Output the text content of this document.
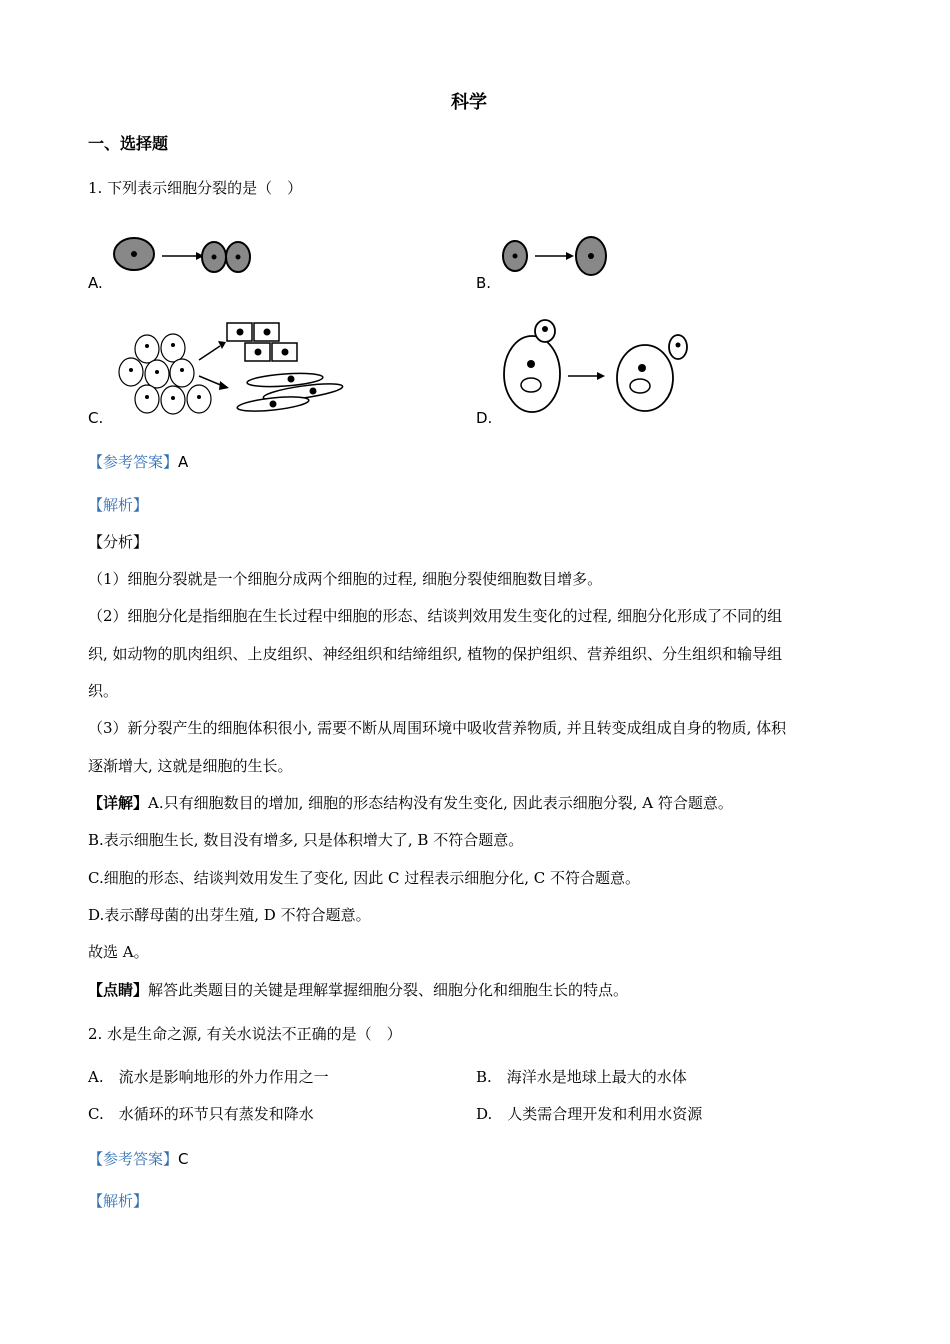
科学
一、选择题
1. 下列表示细胞分裂的是（　）
A.	B.
C.	D.
【参考答案】A
【解析】
【分析】
（1）细胞分裂就是一个细胞分成两个细胞的过程, 细胞分裂使细胞数目增多。
（2）细胞分化是指细胞在生长过程中细胞的形态、结谈判效用发生变化的过程, 细胞分化形成了不同的组
织, 如动物的肌肉组织、上皮组织、神经组织和结缔组织, 植物的保护组织、营养组织、分生组织和输导组
织。
（3）新分裂产生的细胞体积很小, 需要不断从周围环境中吸收营养物质, 并且转变成组成自身的物质, 体积
逐渐增大, 这就是细胞的生长。
【详解】A.只有细胞数目的增加, 细胞的形态结构没有发生变化, 因此表示细胞分裂, A 符合题意。
B.表示细胞生长, 数目没有增多, 只是体积增大了, B 不符合题意。
C.细胞的形态、结谈判效用发生了变化, 因此 C 过程表示细胞分化, C 不符合题意。
D.表示酵母菌的出芽生殖, D 不符合题意。
故选 A。
【点睛】解答此类题目的关键是理解掌握细胞分裂、细胞分化和细胞生长的特点。
2. 水是生命之源, 有关水说法不正确的是（　）
A.　流水是影响地形的外力作用之一	B.　海洋水是地球上最大的水体
C.　水循环的环节只有蒸发和降水	D.　人类需合理开发和利用水资源
【参考答案】C
【解析】
